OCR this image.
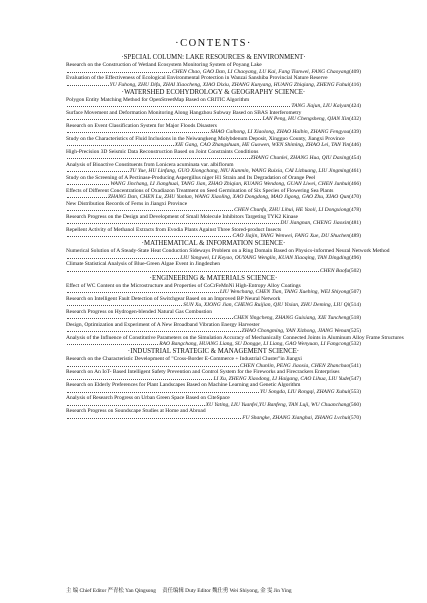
·CONTENTS·
·SPECIAL COLUMN: LAKE RESOURCES & ENVIRONMENT·
Research on the Construction of Wetland Ecosystem Monitoring System of Poyang Lake
CHEN Chao, GAO Dan, LI Chaoyang, LU Kai, Fang Tianwei, FANG Chaoyang (409)
Evaluation of the Effectiveness of Ecological Environmental Protection in Wanzai Sanshiba Provincial Nature Reserve
YU Fuhong, ZHU Difu, ZHAI Xiaocheng, XIAO Dixiu, ZHANG Kunyang, HUANG Zhiqiang, ZHENG Fahui (416)
·WATERSHED ECOHYDROLOGY & GEOGRAPHY SCIENCE·
Polygon Entity Matching Method for OpenStreetMap Based on CRITIC Algorithm
TANG Jiajun, LIU Kaiyan (424)
Surface Movement and Deformation Monitoring Along Hangzhou Subway Based on SBAS Interferometry
LAN Peng, HU Chengsheng, QIAN Xin (432)
Research on Event Classification System for Major Floods Disasters
SHAO Caihong, LI Xiaolong, ZHAO Haibin, ZHANG Fengyou (439)
Study on the Characteristics of Fluid Inclusions in the Neiwangkeng Molybdenum Deposit, Xingguo County, Jiangxi Province
XIE Gang, CAO Zhangshuan, HE Guowen, WEN Shiming, ZHAO Lei, TAN Yin (446)
High-Precision 3D Seismic Data Reconstruction Based on Joint Constraints Conditions
ZHANG Chunlei, ZHANG Hua, QIU Daxing (454)
Analysis of Bioactive Constituents from Lonicera acuminata var. albiflorum
TU Yue, HU Linfang, GUO Xiongchang, NIU Kunmin, WANG Ruixia, CAI Lizhuang, LIU Jingming (461)
Study on the Screening of A Pectinase-Producing Aspergillus niger H1 Strain and Its Degradation of Orange Peel
WANG Jinchang, LI Jianghuai, TANG Jian, ZHAO Zhiqian, KUANG Wendong, GUAN Liwei, CHEN Junhui (466)
Effects of Different Concentrations of Oxadiazon Treatment on Seed Germination of Six Species of Flowering Sea Plants
ZHANG Dan, CHEN Lu, ZHU Yunlun, WANG Xiaoling, XAO Dongdong, MAO Jigong, GAO Zhu, XIAO Qun (470)
New Distribution Records of Ferns in Jiangxi Province
CHEN Chunfu, ZHU Lihui, HE Yaoli, LI Dongxiong (478)
Research Progress on the Design and Development of Small Molecule Inhibitors Targeting TYK2 Kinase
DU Jiangnan, CHENG Jiaoxin (481)
Repellent Activity of Methanol Extracts from Evodia Plants Against Three Stored-product Insects
CAO Jiajin, YANG Wenwei, FANG Xue, DU Shuchen (489)
·MATHEMATICAL & INFORMATION SCIENCE·
Numerical Solution of A Steady-State Heat Conduction Sideways Problem on a Ring Domain Based on Physics-informed Neural Network Method
LIU Yangwei, LI Keyao, OUYANG Wenglin, KUAN Xiaoqing, TAN Dingding (496)
Climate Statistical Analysis of Blue-Green Algae Event in Jingdezhen
CHEN Baofu (502)
·ENGINEERING & MATERIALS SCIENCE·
Effect of WC Content on the Microstructure and Properties of CoCrFeMnNi High-Entropy Alloy Coatings
LIU Wenchang, CHEN Tian, TANG Xuebing, WEI Shiyong (507)
Research on Intelligent Fault Detection of Switchgear Based on an Improved BP Neural Network
SUN Xu, XIONG Jian, CHENG Ruijian, QIU Yixian, ZHU Deming, LIU Qi (514)
Research Progress on Hydrogen-blended Natural Gas Combustion
CHEN Yingcheng, ZHANG Guixiang, XIE Tuncheng (518)
Design, Optimization and Experiment of A New Broadband Vibration Energy Harvester
ZHAO Chongming, YAN Xizhong, JIANG Wenan (525)
Analysis of the Influence of Constitutive Parameters on the Simulation Accuracy of Mechanically Connected Joints in Aluminum Alloy Frame Structures
RAO Bangchang, HUANG Liang, SU Dongge, LI Liang, GAO Wenyuan, LI Fangcong (532)
·INDUSTRIAL STRATEGIC & MANAGEMENT SCIENCE·
Research on the Characteristic Development of "Cross-Border E-Commerce + Industrial Cluster"in Jiangxi
CHEN Chunlin, PENG Jiaoxia, CHEN Zhanchao (541)
Research on An IoT- Based Intelligent Safety Prevention and Control System for the Fireworks and Firecrackers Enterprises
LI Xu, ZHENG Xiaodong, LI Haigang, CAO Lihua, LIU Yude (547)
Research on Elderly Preferences for Plant Landscapes Based on Machine Learning and Genetic Algorithm
YU Songda, LIU Rongqi, ZHANG Xuhui (553)
Analysis of Research Progress on Urban Green Space Based on CiteSpace
XU Yating, LIU Yuanfei,YU Banfeng, TAN Luji, WU Chuanchang (560)
Research Progress on Soundscape Studies at Home and Abroad
FU Shangke, ZHANG Xianghai, ZHANG Lvchui (570)
主 编 Chief Editor 严青松 Yan Qingsong 责任编辑 Duty Editor 魏仕勇 Wei Shiyong, 金 雯 Jin Ying
